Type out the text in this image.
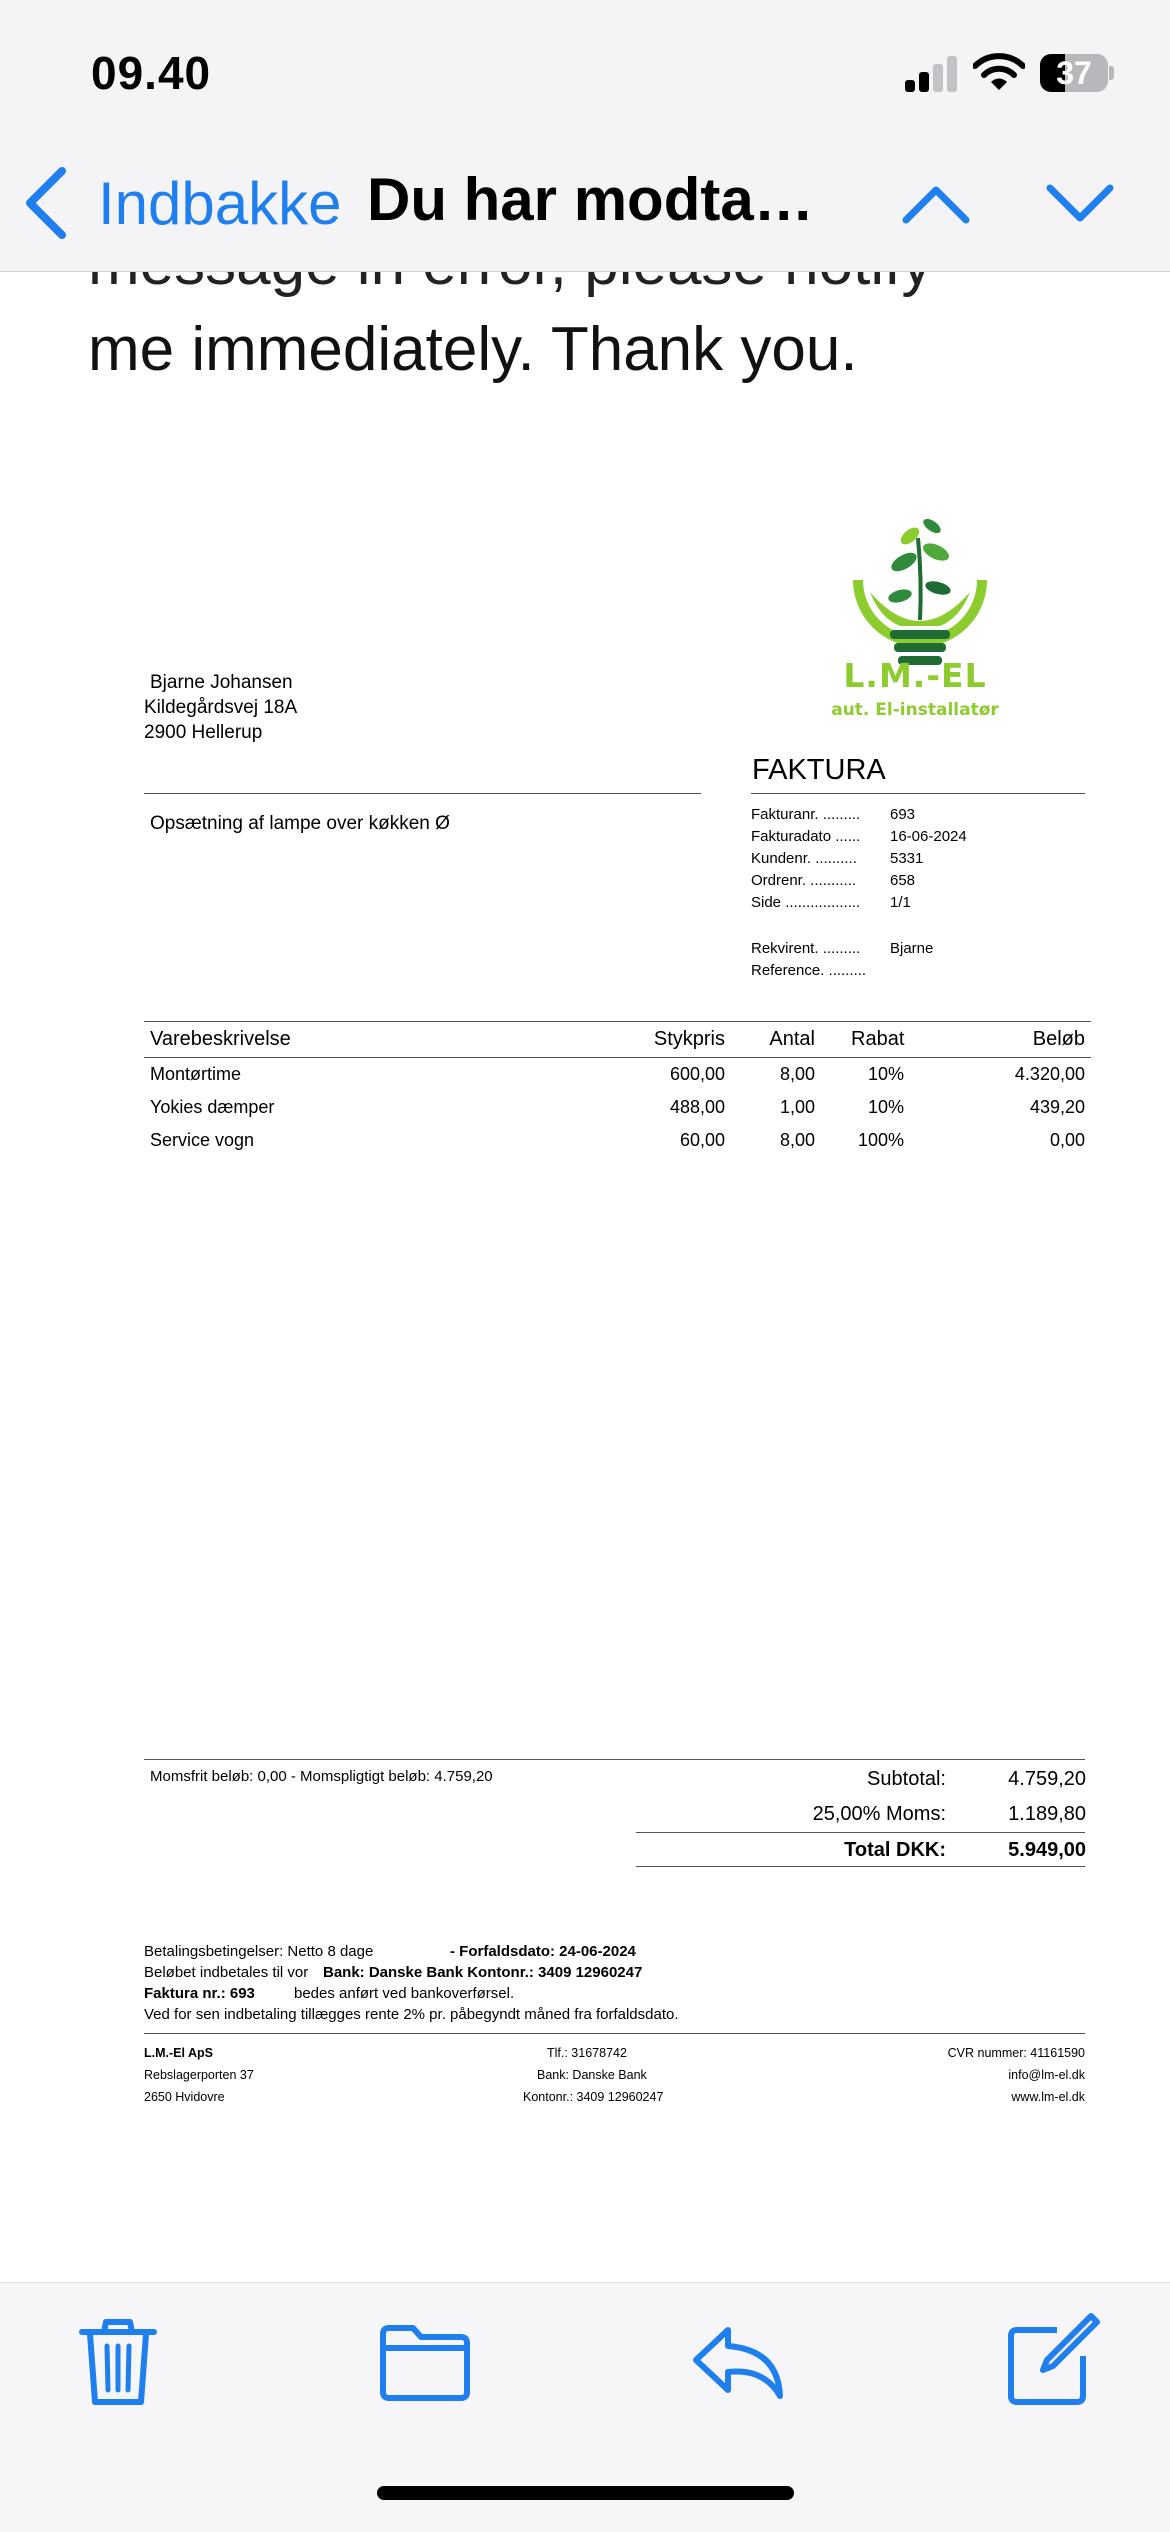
me immediately. Thank you.
L.M.-EL
aut. El-installatør
Bjarne Johansen
Kildegårdsvej 18A
2900 Hellerup
FAKTURA
Opsætning af lampe over køkken Ø	Fakturanr. ......... 693
Fakturadato ...... 16-06-2024
Kundenr. .......... 5331
Ordrenr. ........... 658
Side .................. 1/1
Rekvirent. ......... Bjarne
Reference. .........
Varebeskrivelse	Stykpris	Antal Rabat	Beløb
Montørtime	600,00	8,00	10%	4.320,00
Yokies dæmper	488,00	1,00	10%	439,20
Service vogn	60,00	8,00	100%	0,00
Momsfrit beløb: 0,00 - Momspligtigt beløb: 4.759,20	Subtotal:	4.759,20
25,00% Moms:	1.189,80
Total DKK:	5.949,00
Betalingsbetingelser: Netto 8 dage	- Forfaldsdato: 24-06-2024
Beløbet indbetales til vor Bank: Danske Bank Kontonr.: 3409 12960247
Faktura nr.: 693	bedes anført ved bankoverførsel.
Ved for sen indbetaling tillægges rente 2% pr. påbegyndt måned fra forfaldsdato.
L.M.-El ApS
Rebslagerporten 37
2650 Hvidovre
Tlf.: 31678742
Bank: Danske Bank
Kontonr.: 3409 12960247
CVR nummer: 41161590
info@lm-el.dk
www.lm-el.dk
09.40	37
Indbakke Du har modta…
